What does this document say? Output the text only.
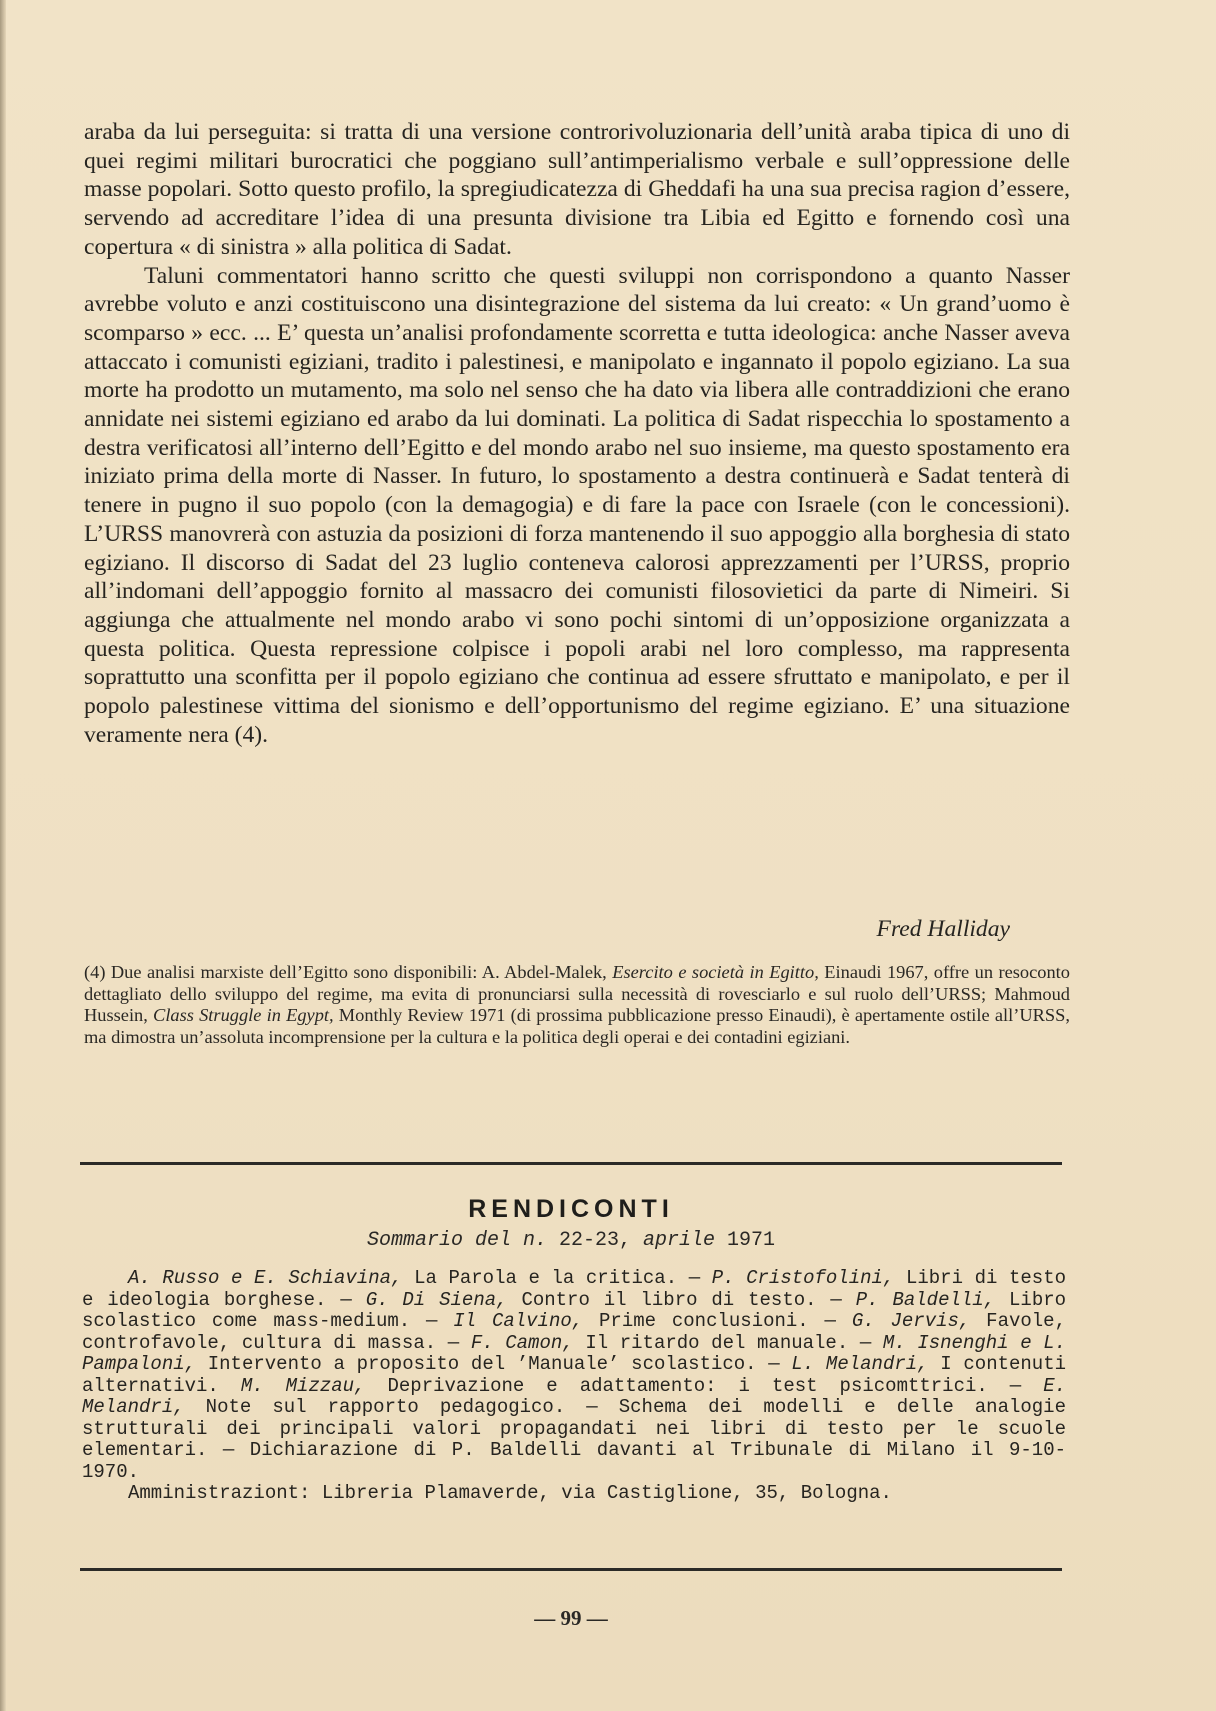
araba da lui perseguita: si tratta di una versione controrivoluzionaria dell’unità araba tipica di uno di quei regimi militari burocratici che poggiano sull’antimperialismo verbale e sull’oppressione delle masse popolari. Sotto questo profilo, la spregiudicatezza di Gheddafi ha una sua precisa ragion d’essere, servendo ad accreditare l’idea di una presunta divisione tra Libia ed Egitto e fornendo così una copertura « di sinistra » alla politica di Sadat.

Taluni commentatori hanno scritto che questi sviluppi non corrispondono a quanto Nasser avrebbe voluto e anzi costituiscono una disintegrazione del sistema da lui creato: « Un grand’uomo è scomparso » ecc. ... E’ questa un’analisi profondamente scorretta e tutta ideologica: anche Nasser aveva attaccato i comunisti egiziani, tradito i palestinesi, e manipolato e ingannato il popolo egiziano. La sua morte ha prodotto un mutamento, ma solo nel senso che ha dato via libera alle contraddizioni che erano annidate nei sistemi egiziano ed arabo da lui dominati. La politica di Sadat rispecchia lo spostamento a destra verificatosi all’interno dell’Egitto e del mondo arabo nel suo insieme, ma questo spostamento era iniziato prima della morte di Nasser. In futuro, lo spostamento a destra continuerà e Sadat tenterà di tenere in pugno il suo popolo (con la demagogia) e di fare la pace con Israele (con le concessioni). L’URSS manovrerà con astuzia da posizioni di forza mantenendo il suo appoggio alla borghesia di stato egiziano. Il discorso di Sadat del 23 luglio conteneva calorosi apprezzamenti per l’URSS, proprio all’indomani dell’appoggio fornito al massacro dei comunisti filosovietici da parte di Nimeiri. Si aggiunga che attualmente nel mondo arabo vi sono pochi sintomi di un’opposizione organizzata a questa politica. Questa repressione colpisce i popoli arabi nel loro complesso, ma rappresenta soprattutto una sconfitta per il popolo egiziano che continua ad essere sfruttato e manipolato, e per il popolo palestinese vittima del sionismo e dell’opportunismo del regime egiziano. E’ una situazione veramente nera (4).

Fred Halliday

(4) Due analisi marxiste dell’Egitto sono disponibili: A. Abdel-Malek, Esercito e società in Egitto, Einaudi 1967, offre un resoconto dettagliato dello sviluppo del regime, ma evita di pronunciarsi sulla necessità di rovesciarlo e sul ruolo dell’URSS; Mahmoud Hussein, Class Struggle in Egypt, Monthly Review 1971 (di prossima pubblicazione presso Einaudi), è apertamente ostile all’URSS, ma dimostra un’assoluta incomprensione per la cultura e la politica degli operai e dei contadini egiziani.

RENDICONTI
Sommario del n. 22-23, aprile 1971

A. Russo e E. Schiavina, La Parola e la critica. — P. Cristofolini, Libri di testo e ideologia borghese. — G. Di Siena, Contro il libro di testo. — P. Baldelli, Libro scolastico come mass-medium. — Il Calvino, Prime conclusioni. — G. Jervis, Favole, controfavole, cultura di massa. — F. Camon, Il ritardo del manuale. — M. Isnenghi e L. Pampaloni, Intervento a proposito del ’Manuale’ scolastico. — L. Melandri, I contenuti alternativi. M. Mizzau, Deprivazione e adattamento: i test psicomttrici. — E. Melandri, Note sul rapporto pedagogico. — Schema dei modelli e delle analogie strutturali dei principali valori propagandati nei libri di testo per le scuole elementari. — Dichiarazione di P. Baldelli davanti al Tribunale di Milano il 9-10-1970.

Amministraziont: Libreria Plamaverde, via Castiglione, 35, Bologna.

— 99 —
